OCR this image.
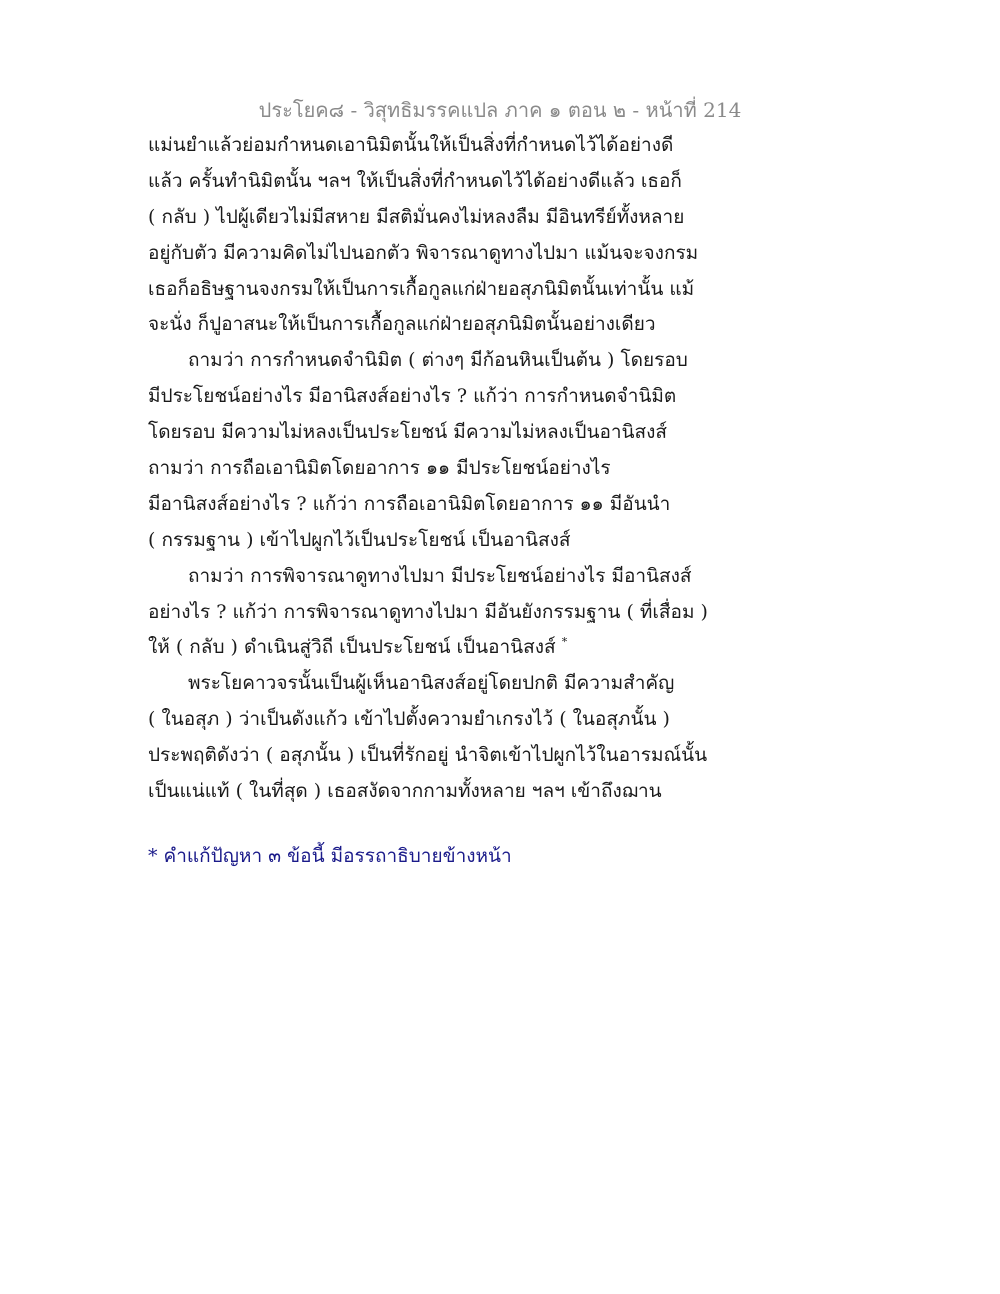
ประโยค๘ - วิสุทธิมรรคแปล ภาค ๑ ตอน ๒ - หน้าที่ 214
แม่นยำแล้วย่อมกำหนดเอานิมิตนั้นให้เป็นสิ่งที่กำหนดไว้ได้อย่างดี
แล้ว ครั้นทำนิมิตนั้น ฯลฯ ให้เป็นสิ่งที่กำหนดไว้ได้อย่างดีแล้ว เธอก็
( กลับ ) ไปผู้เดียวไม่มีสหาย มีสติมั่นคงไม่หลงลืม มีอินทรีย์ทั้งหลาย
อยู่กับตัว มีความคิดไม่ไปนอกตัว พิจารณาดูทางไปมา แม้นจะจงกรม
เธอก็อธิษฐานจงกรมให้เป็นการเกื้อกูลแก่ฝ่ายอสุภนิมิตนั้นเท่านั้น แม้
จะนั่ง ก็ปูอาสนะให้เป็นการเกื้อกูลแก่ฝ่ายอสุภนิมิตนั้นอย่างเดียว
ถามว่า การกำหนดจำนิมิต ( ต่างๆ มีก้อนหินเป็นต้น ) โดยรอบ
มีประโยชน์อย่างไร มีอานิสงส์อย่างไร ? แก้ว่า การกำหนดจำนิมิต
โดยรอบ มีความไม่หลงเป็นประโยชน์ มีความไม่หลงเป็นอานิสงส์
ถามว่า การถือเอานิมิตโดยอาการ ๑๑ มีประโยชน์อย่างไร
มีอานิสงส์อย่างไร ? แก้ว่า การถือเอานิมิตโดยอาการ ๑๑ มีอันนำ
( กรรมฐาน ) เข้าไปผูกไว้เป็นประโยชน์ เป็นอานิสงส์
ถามว่า การพิจารณาดูทางไปมา มีประโยชน์อย่างไร มีอานิสงส์
อย่างไร ? แก้ว่า การพิจารณาดูทางไปมา มีอันยังกรรมฐาน ( ที่เสื่อม )
ให้ ( กลับ ) ดำเนินสู่วิถี เป็นประโยชน์ เป็นอานิสงส์ *
พระโยคาวจรนั้นเป็นผู้เห็นอานิสงส์อยู่โดยปกติ มีความสำคัญ
( ในอสุภ ) ว่าเป็นดังแก้ว เข้าไปตั้งความยำเกรงไว้ ( ในอสุภนั้น )
ประพฤติดังว่า ( อสุภนั้น ) เป็นที่รักอยู่ นำจิตเข้าไปผูกไว้ในอารมณ์นั้น
เป็นแน่แท้ ( ในที่สุด ) เธอสงัดจากกามทั้งหลาย ฯลฯ เข้าถึงฌาน
* คำแก้ปัญหา ๓ ข้อนี้ มีอรรถาธิบายข้างหน้า
